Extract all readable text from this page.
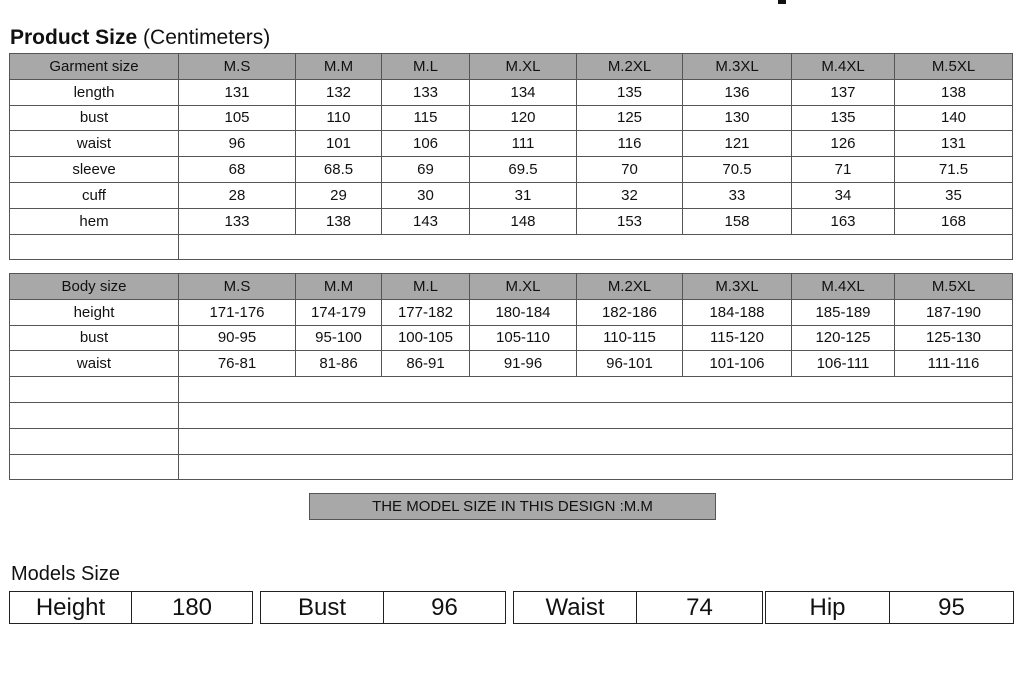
Product Size (Centimeters)
Garment size	M.S	M.M	M.L	M.XL	M.2XL	M.3XL	M.4XL	M.5XL
length	131	132	133	134	135	136	137	138
bust	105	110	115	120	125	130	135	140
waist	96	101	106	111	116	121	126	131
sleeve	68	68.5	69	69.5	70	70.5	71	71.5
cuff	28	29	30	31	32	33	34	35
hem	133	138	143	148	153	158	163	168

Body size	M.S	M.M	M.L	M.XL	M.2XL	M.3XL	M.4XL	M.5XL
height	171-176	174-179	177-182	180-184	182-186	184-188	185-189	187-190
bust	90-95	95-100	100-105	105-110	110-115	115-120	120-125	125-130
waist	76-81	81-86	86-91	91-96	96-101	101-106	106-111	111-116

THE MODEL SIZE IN THIS DESIGN :M.M
Models Size
Height	180	Bust	96	Waist	74	Hip	95
